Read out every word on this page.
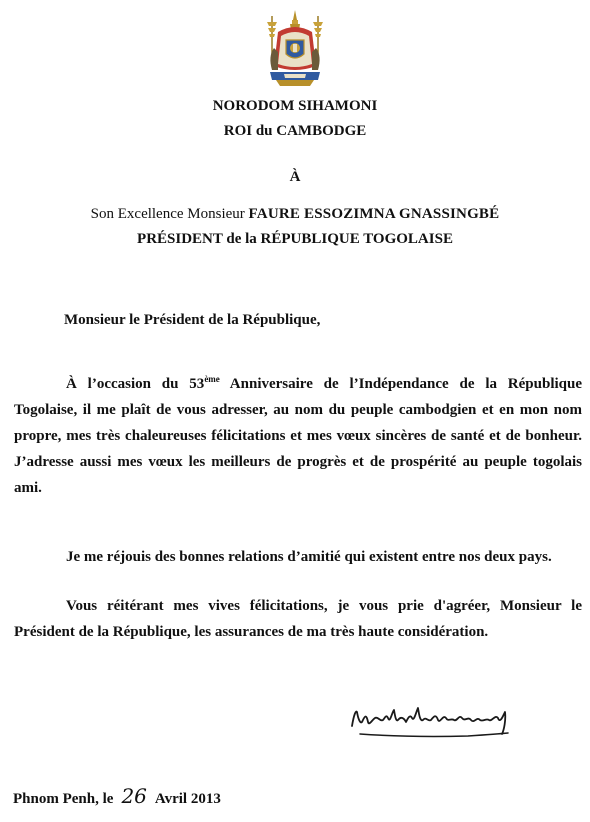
NORODOM SIHAMONI
ROI du CAMBODGE
À
Son Excellence Monsieur FAURE ESSOZIMNA GNASSINGBÉ
PRÉSIDENT de la RÉPUBLIQUE TOGOLAISE
Monsieur le Président de la République,
À l’occasion du 53ème Anniversaire de l’Indépendance de la République Togolaise, il me plaît de vous adresser, au nom du peuple cambodgien et en mon nom propre, mes très chaleureuses félicitations et mes vœux sincères de santé et de bonheur. J’adresse aussi mes vœux les meilleurs de progrès et de prospérité au peuple togolais ami.
Je me réjouis des bonnes relations d’amitié qui existent entre nos deux pays.
Vous réitérant mes vives félicitations, je vous prie d'agréer, Monsieur le Président de la République, les assurances de ma très haute considération.
Phnom Penh, le 26 Avril 2013
